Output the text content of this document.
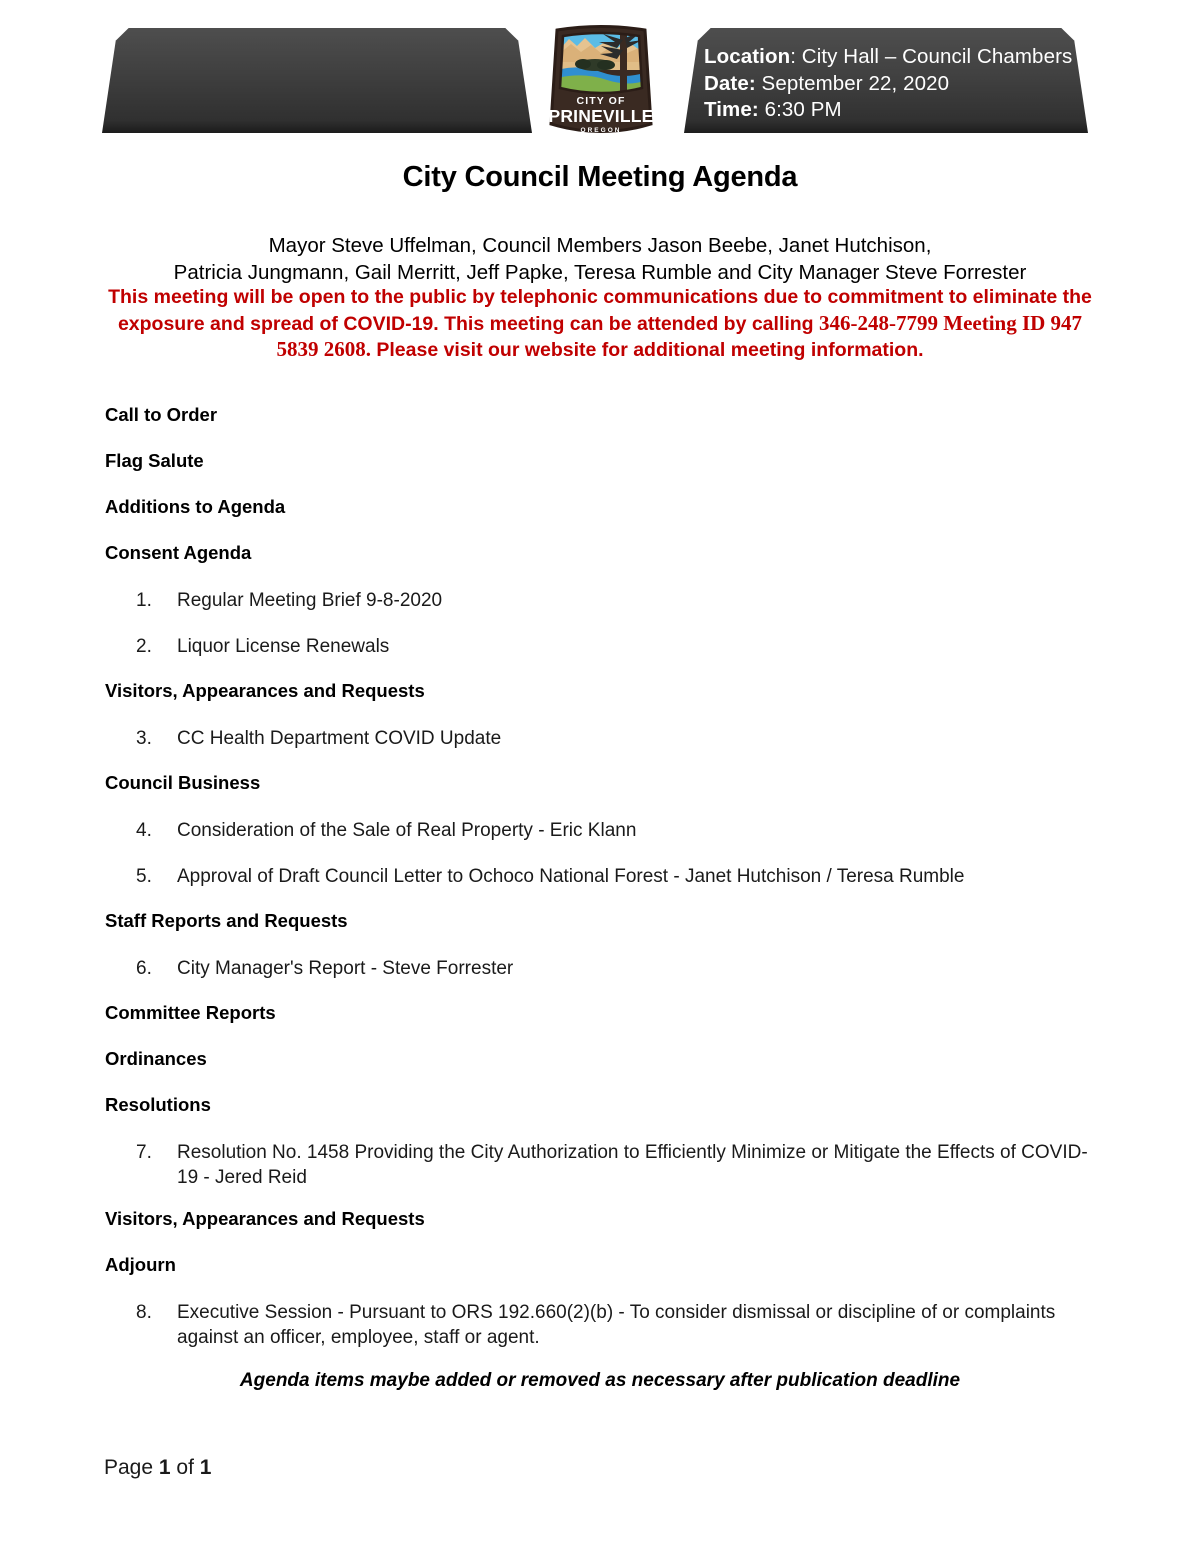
CITY OF
PRINEVILLE
OREGON
Location: City Hall – Council Chambers
Date: September 22, 2020
Time: 6:30 PM
City Council Meeting Agenda
Mayor Steve Uffelman, Council Members Jason Beebe, Janet Hutchison,
Patricia Jungmann, Gail Merritt, Jeff Papke, Teresa Rumble and City Manager Steve Forrester
This meeting will be open to the public by telephonic communications due to commitment to eliminate the exposure and spread of COVID-19. This meeting can be attended by calling 346-248-7799 Meeting ID 947 5839 2608. Please visit our website for additional meeting information.
Call to Order
Flag Salute
Additions to Agenda
Consent Agenda
1.	Regular Meeting Brief 9-8-2020
2.	Liquor License Renewals
Visitors, Appearances and Requests
3.	CC Health Department COVID Update
Council Business
4.	Consideration of the Sale of Real Property - Eric Klann
5.	Approval of Draft Council Letter to Ochoco National Forest - Janet Hutchison / Teresa Rumble
Staff Reports and Requests
6.	City Manager's Report - Steve Forrester
Committee Reports
Ordinances
Resolutions
7.	Resolution No. 1458 Providing the City Authorization to Efficiently Minimize or Mitigate the Effects of COVID-19 - Jered Reid
Visitors, Appearances and Requests
Adjourn
8.	Executive Session - Pursuant to ORS 192.660(2)(b) - To consider dismissal or discipline of or complaints against an officer, employee, staff or agent.
Agenda items maybe added or removed as necessary after publication deadline
Page 1 of 1
